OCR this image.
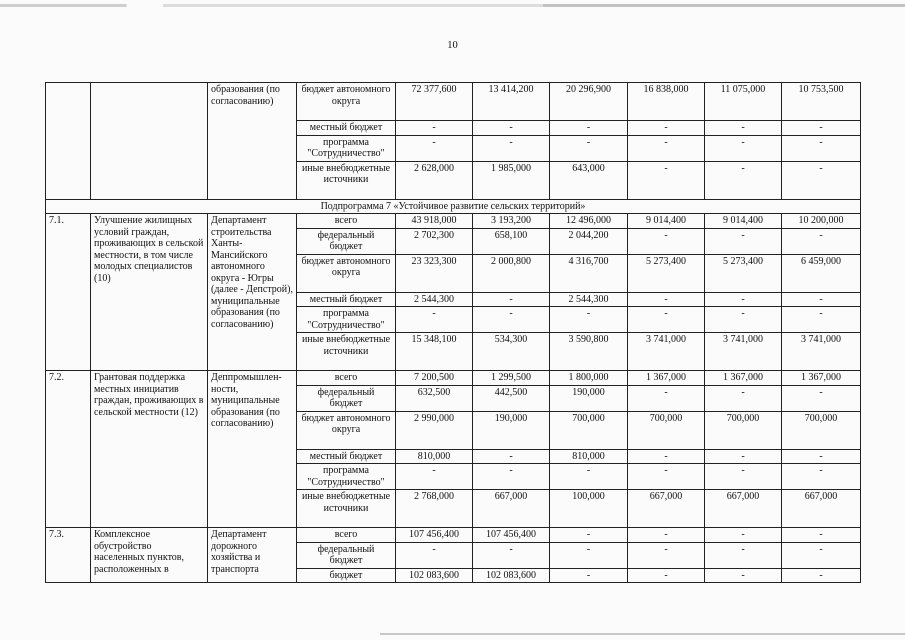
10
		образования (по согласованию)	бюджет автономного округа	72 377,600	13 414,200	20 296,900	16 838,000	11 075,000	10 753,500
			местный бюджет	-	-	-	-	-	-
			программа "Сотрудничество"	-	-	-	-	-	-
			иные внебюджетные источники	2 628,000	1 985,000	643,000	-	-	-
Подпрограмма 7 «Устойчивое развитие сельских территорий»									
7.1.	Улучшение жилищных условий граждан, проживающих в сельской местности, в том числе молодых специалистов (10)	Департамент строительства Ханты-Мансийского автономного округа - Югры (далее - Депстрой), муниципальные образования (по согласованию)	всего	43 918,000	3 193,200	12 496,000	9 014,400	9 014,400	10 200,000
			федеральный бюджет	2 702,300	658,100	2 044,200	-	-	-
			бюджет автономного округа	23 323,300	2 000,800	4 316,700	5 273,400	5 273,400	6 459,000
			местный бюджет	2 544,300	-	2 544,300	-	-	-
			программа "Сотрудничество"	-	-	-	-	-	-
			иные внебюджетные источники	15 348,100	534,300	3 590,800	3 741,000	3 741,000	3 741,000
7.2.	Грантовая поддержка местных инициатив граждан, проживающих в сельской местности (12)	Деппромышленности, муниципальные образования (по согласованию)	всего	7 200,500	1 299,500	1 800,000	1 367,000	1 367,000	1 367,000
			федеральный бюджет	632,500	442,500	190,000	-	-	-
			бюджет автономного округа	2 990,000	190,000	700,000	700,000	700,000	700,000
			местный бюджет	810,000	-	810,000	-	-	-
			программа "Сотрудничество"	-	-	-	-	-	-
			иные внебюджетные источники	2 768,000	667,000	100,000	667,000	667,000	667,000
7.3.	Комплексное обустройство населенных пунктов, расположенных в	Департамент дорожного хозяйства и транспорта	всего	107 456,400	107 456,400	-	-	-	-
			федеральный бюджет	-	-	-	-	-	-
			бюджет	102 083,600	102 083,600	-	-	-	-
